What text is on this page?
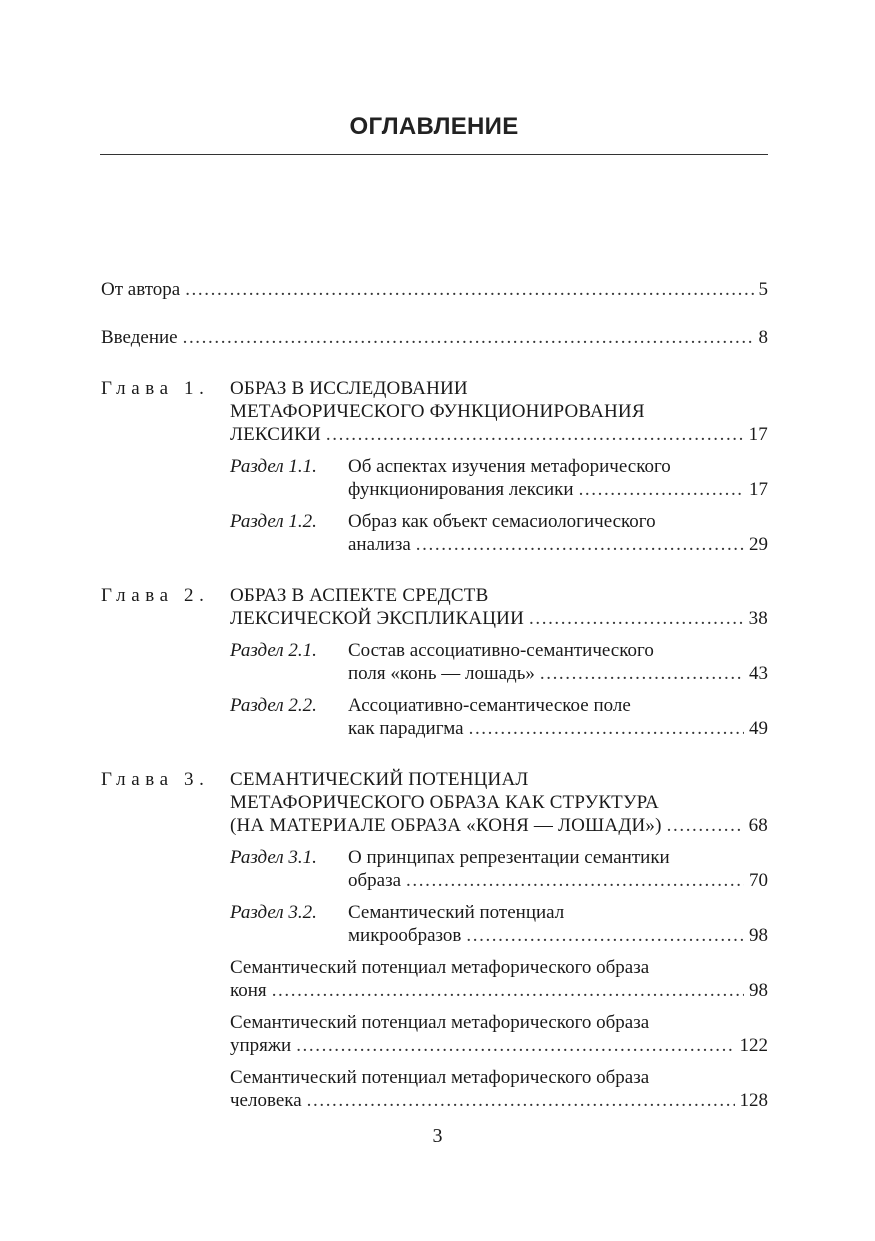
ОГЛАВЛЕНИЕ
От автора .....	5
Введение .....	8
Глава 1. ОБРАЗ В ИССЛЕДОВАНИИ
МЕТАФОРИЧЕСКОГО ФУНКЦИОНИРОВАНИЯ
ЛЕКСИКИ .....	17
Раздел 1.1. Об аспектах изучения метафорического
функционирования лексики .....	17
Раздел 1.2. Образ как объект семасиологического
анализа .....	29
Глава 2. ОБРАЗ В АСПЕКТЕ СРЕДСТВ
ЛЕКСИЧЕСКОЙ ЭКСПЛИКАЦИИ .....	38
Раздел 2.1. Состав ассоциативно-семантического
поля «конь — лошадь» .....	43
Раздел 2.2. Ассоциативно-семантическое поле
как парадигма .....	49
Глава 3. СЕМАНТИЧЕСКИЙ ПОТЕНЦИАЛ
МЕТАФОРИЧЕСКОГО ОБРАЗА КАК СТРУКТУРА
(НА МАТЕРИАЛЕ ОБРАЗА «КОНЯ — ЛОШАДИ») .....	68
Раздел 3.1. О принципах репрезентации семантики
образа .....	70
Раздел 3.2. Семантический потенциал
микрообразов .....	98
Семантический потенциал метафорического образа
коня .....	98
Семантический потенциал метафорического образа
упряжи .....	122
Семантический потенциал метафорического образа
человека .....	128
3
